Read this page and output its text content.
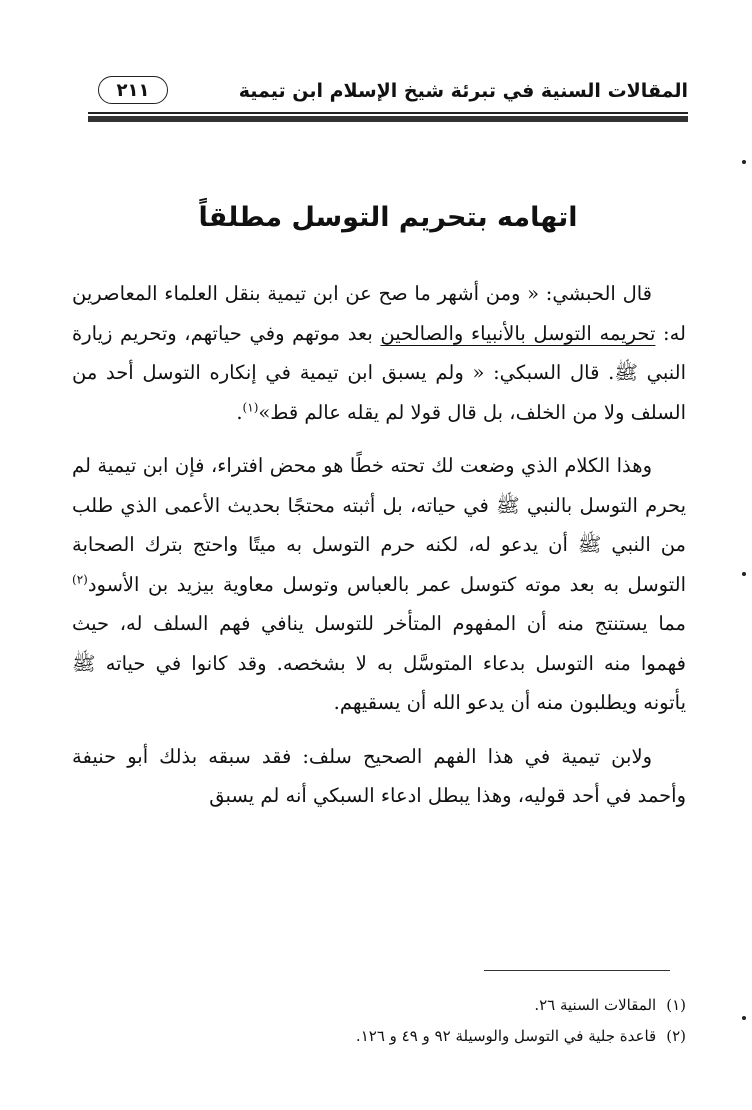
المقالات السنية في تبرئة شيخ الإسلام ابن تيمية
٢١١
اتهامه بتحريم التوسل مطلقاً

قال الحبشي: « ومن أشهر ما صح عن ابن تيمية بنقل العلماء المعاصرين له: تحريمه التوسل بالأنبياء والصالحين بعد موتهم وفي حياتهم، وتحريم زيارة النبي ﷺ. قال السبكي: « ولم يسبق ابن تيمية في إنكاره التوسل أحد من السلف ولا من الخلف، بل قال قولا لم يقله عالم قط»$^{(١)}$.

وهذا الكلام الذي وضعت لك تحته خطًا هو محض افتراء، فإن ابن تيمية لم يحرم التوسل بالنبي ﷺ في حياته، بل أثبته محتجًا بحديث الأعمى الذي طلب من النبي ﷺ أن يدعو له، لكنه حرم التوسل به ميتًا واحتج بترك الصحابة التوسل به بعد موته كتوسل عمر بالعباس وتوسل معاوية بيزيد بن الأسود$^{(٢)}$ مما يستنتج منه أن المفهوم المتأخر للتوسل ينافي فهم السلف له، حيث فهموا منه التوسل بدعاء المتوسَّل به لا بشخصه. وقد كانوا في حياته ﷺ يأتونه ويطلبون منه أن يدعو الله أن يسقيهم.

ولابن تيمية في هذا الفهم الصحيح سلف: فقد سبقه بذلك أبو حنيفة وأحمد في أحد قوليه، وهذا يبطل ادعاء السبكي أنه لم يسبق

(١)المقالات السنية ٢٦.
(٢)قاعدة جلية في التوسل والوسيلة ٩٢ و ٤٩ و ١٢٦.
